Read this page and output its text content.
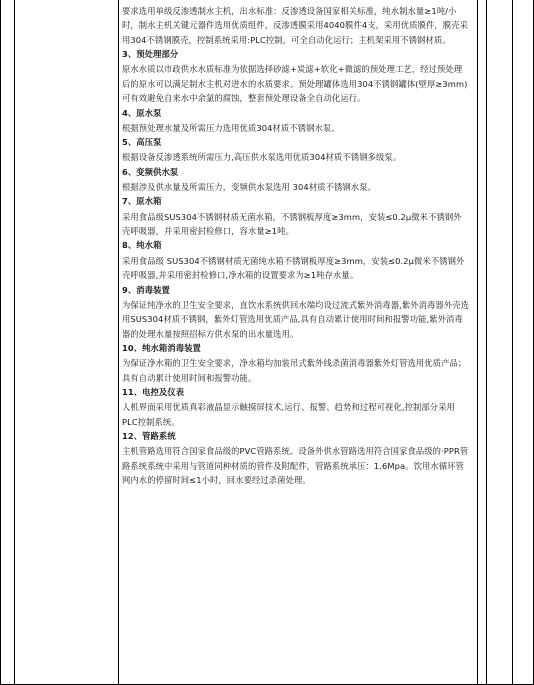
要求选用单级反渗透制水主机，出水标准：反渗透设备国家相关标准，纯水制水量≥1吨/小时，制水主机关键元器件选用优质组件，反渗透膜采用4040膜件4支，采用优质膜件，膜壳采用304不锈钢膜壳，控制系统采用:PLC控制，可全自动化运行；主机架采用不锈钢材质。

3、预处理部分

原水水质以市政供水水质标准为依据选择砂滤+炭滤+软化+微滤的预处理工艺，经过预处理后的原水可以满足制水主机对进水的水质要求。预处理罐体选用304不锈钢罐体(壁厚≥3mm)可有效避免自来水中余氯的腐蚀，整套预处理设备全自动化运行。

4、原水泵

根据预处理水量及所需压力选用优质304材质不锈钢水泵。

5、高压泵

根据设备反渗透系统所需压力,高压供水泵选用优质304材质不锈钢多级泵。

6、变频供水泵

根据涉及供水量及所需压力，变频供水泵选用 304材质不锈钢水泵。

7、原水箱

采用食品级SUS304不锈钢材质无菌水箱，不锈钢板厚度≥3mm，安装≤0.2µ微米不锈钢外壳呼吸器，并采用密封检修口，容水量≥1吨。

8、纯水箱

采用食品级 SUS304不锈钢材质无菌纯水箱不锈钢板厚度≥3mm，安装≤0.2µ微米不锈钢外壳呼吸器,并采用密封检修口,净水箱的设置要求为≥1吨存水量。

9、消毒装置

为保证纯净水的卫生安全要求，直饮水系统供回水端均设过流式紫外消毒器,紫外消毒器外壳选用SUS304材质不锈钢，紫外灯管选用优质产品,具有自动累计使用时间和报警功能,紫外消毒器的处理水量按照招标方供水泵的出水量选用。

10、纯水箱消毒装置

为保证净水箱的卫生安全要求，净水箱均加装吊式紫外线杀菌消毒器紫外灯管选用优质产品；具有自动累计使用时间和报警功能。

11、电控及仪表

人机界面采用优质真彩液晶显示触摸屏技术,运行、报警、趋势和过程可视化,控制部分采用 PLC控制系统。

12、管路系统

主机管路选用符合国家食品级的PVC管路系统。设备外供水管路选用符合国家食品级的·PPR管路系统系统中采用与管道同种材质的管件及附配件，管路系统承压：1.6Mpa。饮用水循环管网内水的停留时间≤1小时，回水要经过杀菌处理。
